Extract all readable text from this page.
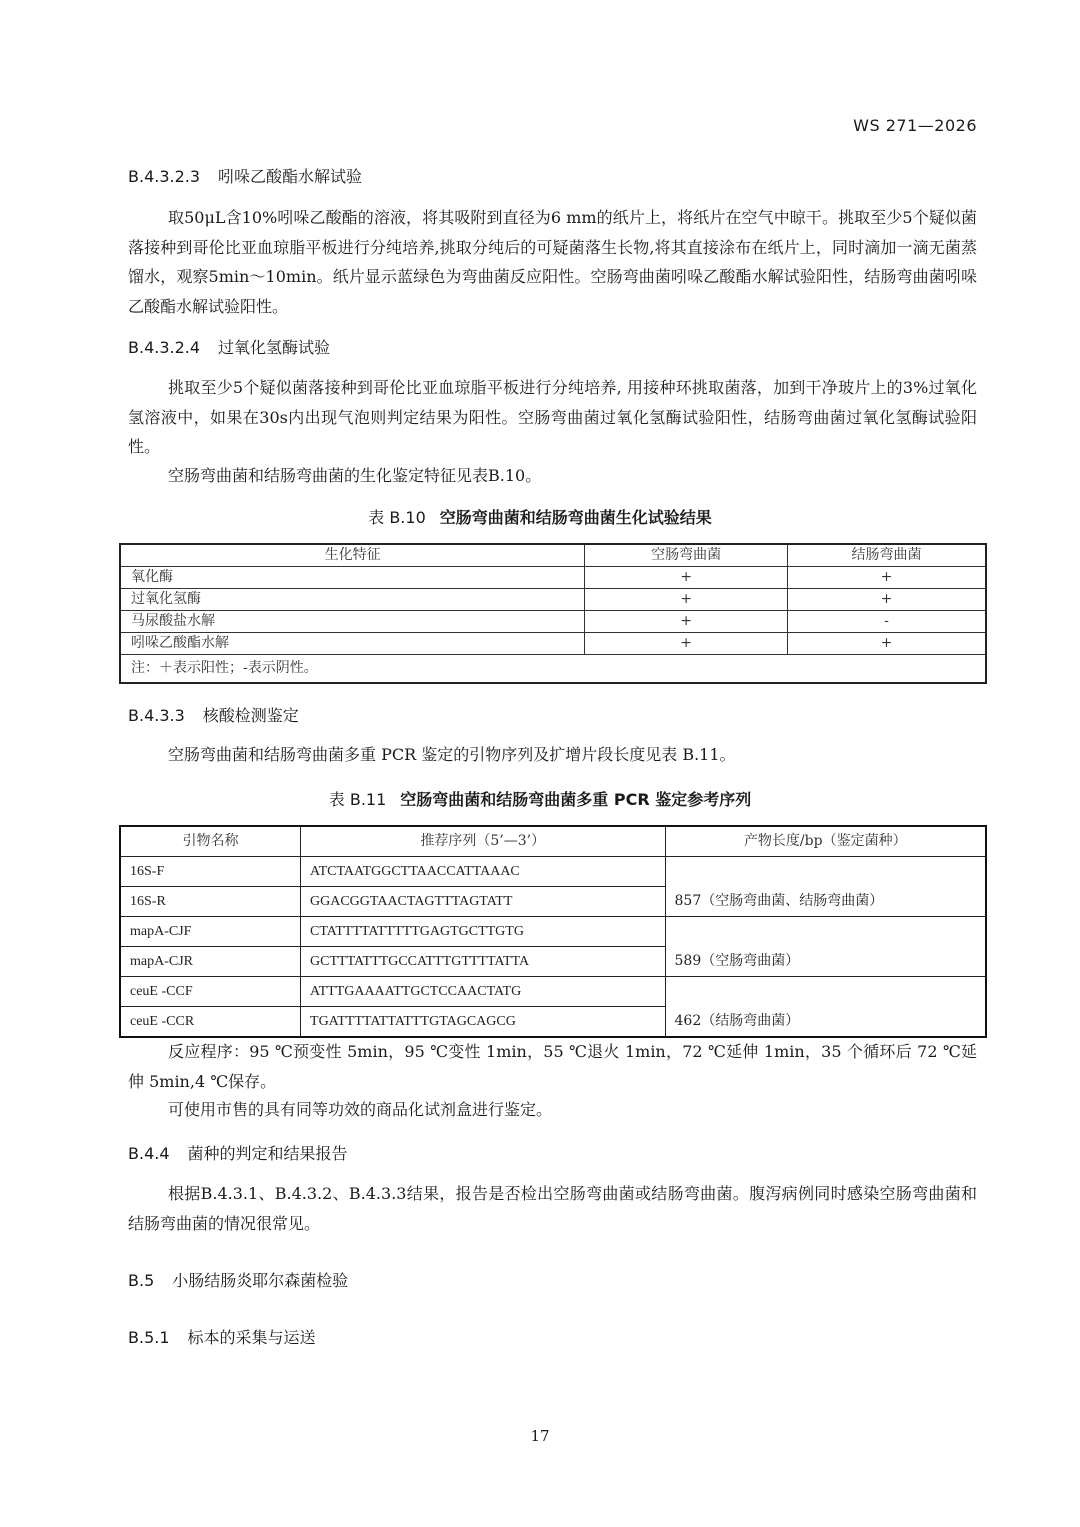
WS 271—2026
B.4.3.2.3 吲哚乙酸酯水解试验
取50μL含10%吲哚乙酸酯的溶液，将其吸附到直径为6 mm的纸片上，将纸片在空气中晾干。挑取至少5个疑似菌落接种到哥伦比亚血琼脂平板进行分纯培养,挑取分纯后的可疑菌落生长物,将其直接涂布在纸片上，同时滴加一滴无菌蒸馏水，观察5min～10min。纸片显示蓝绿色为弯曲菌反应阳性。空肠弯曲菌吲哚乙酸酯水解试验阳性，结肠弯曲菌吲哚乙酸酯水解试验阳性。
B.4.3.2.4 过氧化氢酶试验
挑取至少5个疑似菌落接种到哥伦比亚血琼脂平板进行分纯培养, 用接种环挑取菌落，加到干净玻片上的3%过氧化氢溶液中，如果在30s内出现气泡则判定结果为阳性。空肠弯曲菌过氧化氢酶试验阳性，结肠弯曲菌过氧化氢酶试验阳性。
空肠弯曲菌和结肠弯曲菌的生化鉴定特征见表B.10。
表 B.10 空肠弯曲菌和结肠弯曲菌生化试验结果
生化特征	空肠弯曲菌	结肠弯曲菌
氧化酶	+	+
过氧化氢酶	+	+
马尿酸盐水解	+	-
吲哚乙酸酯水解	+	+
注：＋表示阳性；-表示阴性。		
B.4.3.3 核酸检测鉴定
空肠弯曲菌和结肠弯曲菌多重 PCR 鉴定的引物序列及扩增片段长度见表 B.11。
表 B.11 空肠弯曲菌和结肠弯曲菌多重 PCR 鉴定参考序列
引物名称	推荐序列（5’—3’）	产物长度/bp（鉴定菌种）
16S-F	ATCTAATGGCTTAACCATTAAAC	857（空肠弯曲菌、结肠弯曲菌）
16S-R	GGACGGTAACTAGTTTAGTATT	
mapA-CJF	CTATTTTATTTTTGAGTGCTTGTG	589（空肠弯曲菌）
mapA-CJR	GCTTTATTTGCCATTTGTTTTATTA	
ceuE -CCF	ATTTGAAAATTGCTCCAACTATG	462（结肠弯曲菌）
ceuE -CCR	TGATTTTATTATTTGTAGCAGCG	
反应程序：95 ℃预变性 5min，95 ℃变性 1min，55 ℃退火 1min，72 ℃延伸 1min，35 个循环后 72 ℃延伸 5min,4 ℃保存。
可使用市售的具有同等功效的商品化试剂盒进行鉴定。
B.4.4 菌种的判定和结果报告
根据B.4.3.1、B.4.3.2、B.4.3.3结果，报告是否检出空肠弯曲菌或结肠弯曲菌。腹泻病例同时感染空肠弯曲菌和结肠弯曲菌的情况很常见。
B.5 小肠结肠炎耶尔森菌检验
B.5.1 标本的采集与运送
17
